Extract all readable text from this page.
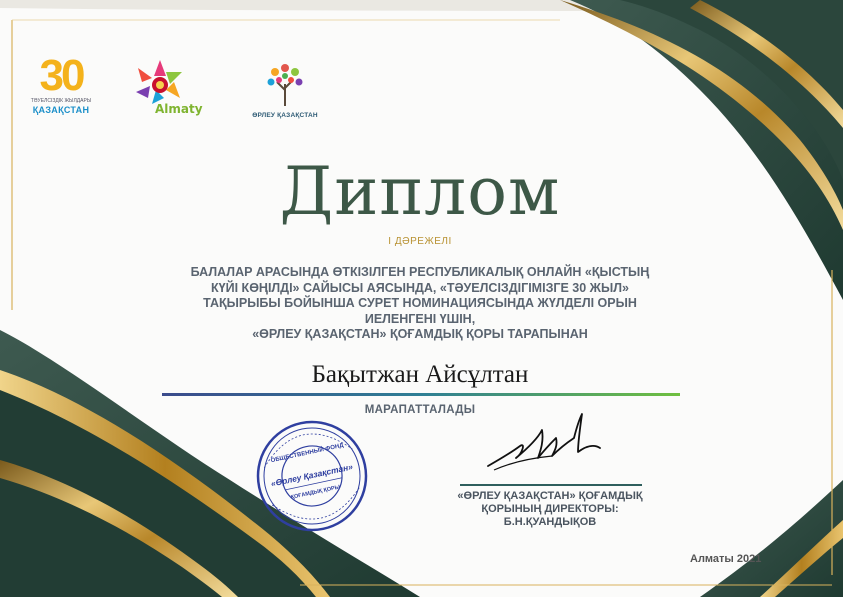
30
ТӘУЕЛСІЗДІК ЖЫЛДАРЫ
ҚАЗАҚСТАН	Almaty	ӨРЛЕУ ҚАЗАҚСТАН
Диплом
I ДӘРЕЖЕЛІ
БАЛАЛАР АРАСЫНДА ӨТКІЗІЛГЕН РЕСПУБЛИКАЛЫҚ ОНЛАЙН «ҚЫСТЫҢ
КҮЙІ КӨҢІЛДІ» САЙЫСЫ АЯСЫНДА, «ТӘУЕЛСІЗДІГІМІЗГЕ 30 ЖЫЛ»
ТАҚЫРЫБЫ БОЙЫНША СУРЕТ НОМИНАЦИЯСЫНДА ЖҮЛДЕЛІ ОРЫН
ИЕЛЕНГЕНІ ҮШІН,
«ӨРЛЕУ ҚАЗАҚСТАН» ҚОҒАМДЫҚ ҚОРЫ ТАРАПЫНАН
Бақытжан Айсұлтан
МАРАПАТТАЛАДЫ
ОБЩЕСТВЕННЫЙ ФОНД
«Өрлеу Қазақстан»
ҚОҒАМДЫҚ ҚОРЫ	«ӨРЛЕУ ҚАЗАҚСТАН» ҚОҒАМДЫҚ
ҚОРЫНЫҢ ДИРЕКТОРЫ:
Б.Н.ҚУАНДЫҚОВ
Алматы 2021
